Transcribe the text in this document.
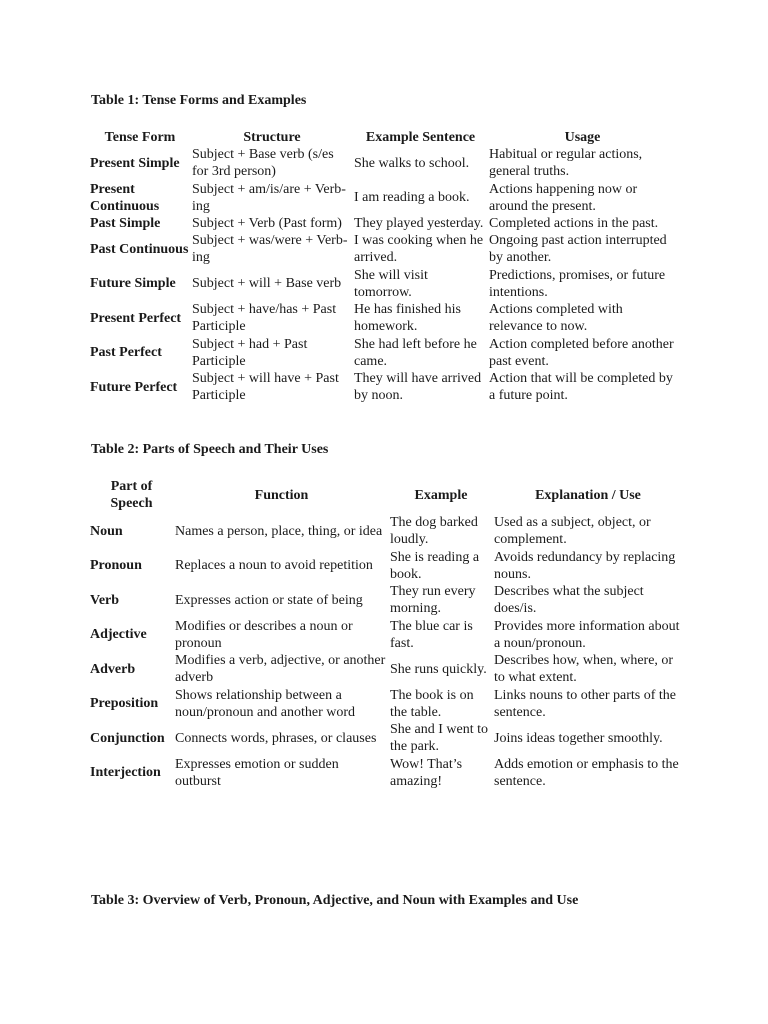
Table 1: Tense Forms and Examples
Tense Form	Structure	Example Sentence	Usage
Present Simple	Subject + Base verb (s/es for 3rd person)	She walks to school.	Habitual or regular actions, general truths.
Present Continuous	Subject + am/is/are + Verb-ing	I am reading a book.	Actions happening now or around the present.
Past Simple	Subject + Verb (Past form)	They played yesterday.	Completed actions in the past.
Past Continuous	Subject + was/were + Verb-ing	I was cooking when he arrived.	Ongoing past action interrupted by another.
Future Simple	Subject + will + Base verb	She will visit tomorrow.	Predictions, promises, or future intentions.
Present Perfect	Subject + have/has + Past Participle	He has finished his homework.	Actions completed with relevance to now.
Past Perfect	Subject + had + Past Participle	She had left before he came.	Action completed before another past event.
Future Perfect	Subject + will have + Past Participle	They will have arrived by noon.	Action that will be completed by a future point.
Table 2: Parts of Speech and Their Uses
Part of Speech	Function	Example	Explanation / Use
Noun	Names a person, place, thing, or idea	The dog barked loudly.	Used as a subject, object, or complement.
Pronoun	Replaces a noun to avoid repetition	She is reading a book.	Avoids redundancy by replacing nouns.
Verb	Expresses action or state of being	They run every morning.	Describes what the subject does/is.
Adjective	Modifies or describes a noun or pronoun	The blue car is fast.	Provides more information about a noun/pronoun.
Adverb	Modifies a verb, adjective, or another adverb	She runs quickly.	Describes how, when, where, or to what extent.
Preposition	Shows relationship between a noun/pronoun and another word	The book is on the table.	Links nouns to other parts of the sentence.
Conjunction	Connects words, phrases, or clauses	She and I went to the park.	Joins ideas together smoothly.
Interjection	Expresses emotion or sudden outburst	Wow! That’s amazing!	Adds emotion or emphasis to the sentence.
Table 3: Overview of Verb, Pronoun, Adjective, and Noun with Examples and Use
